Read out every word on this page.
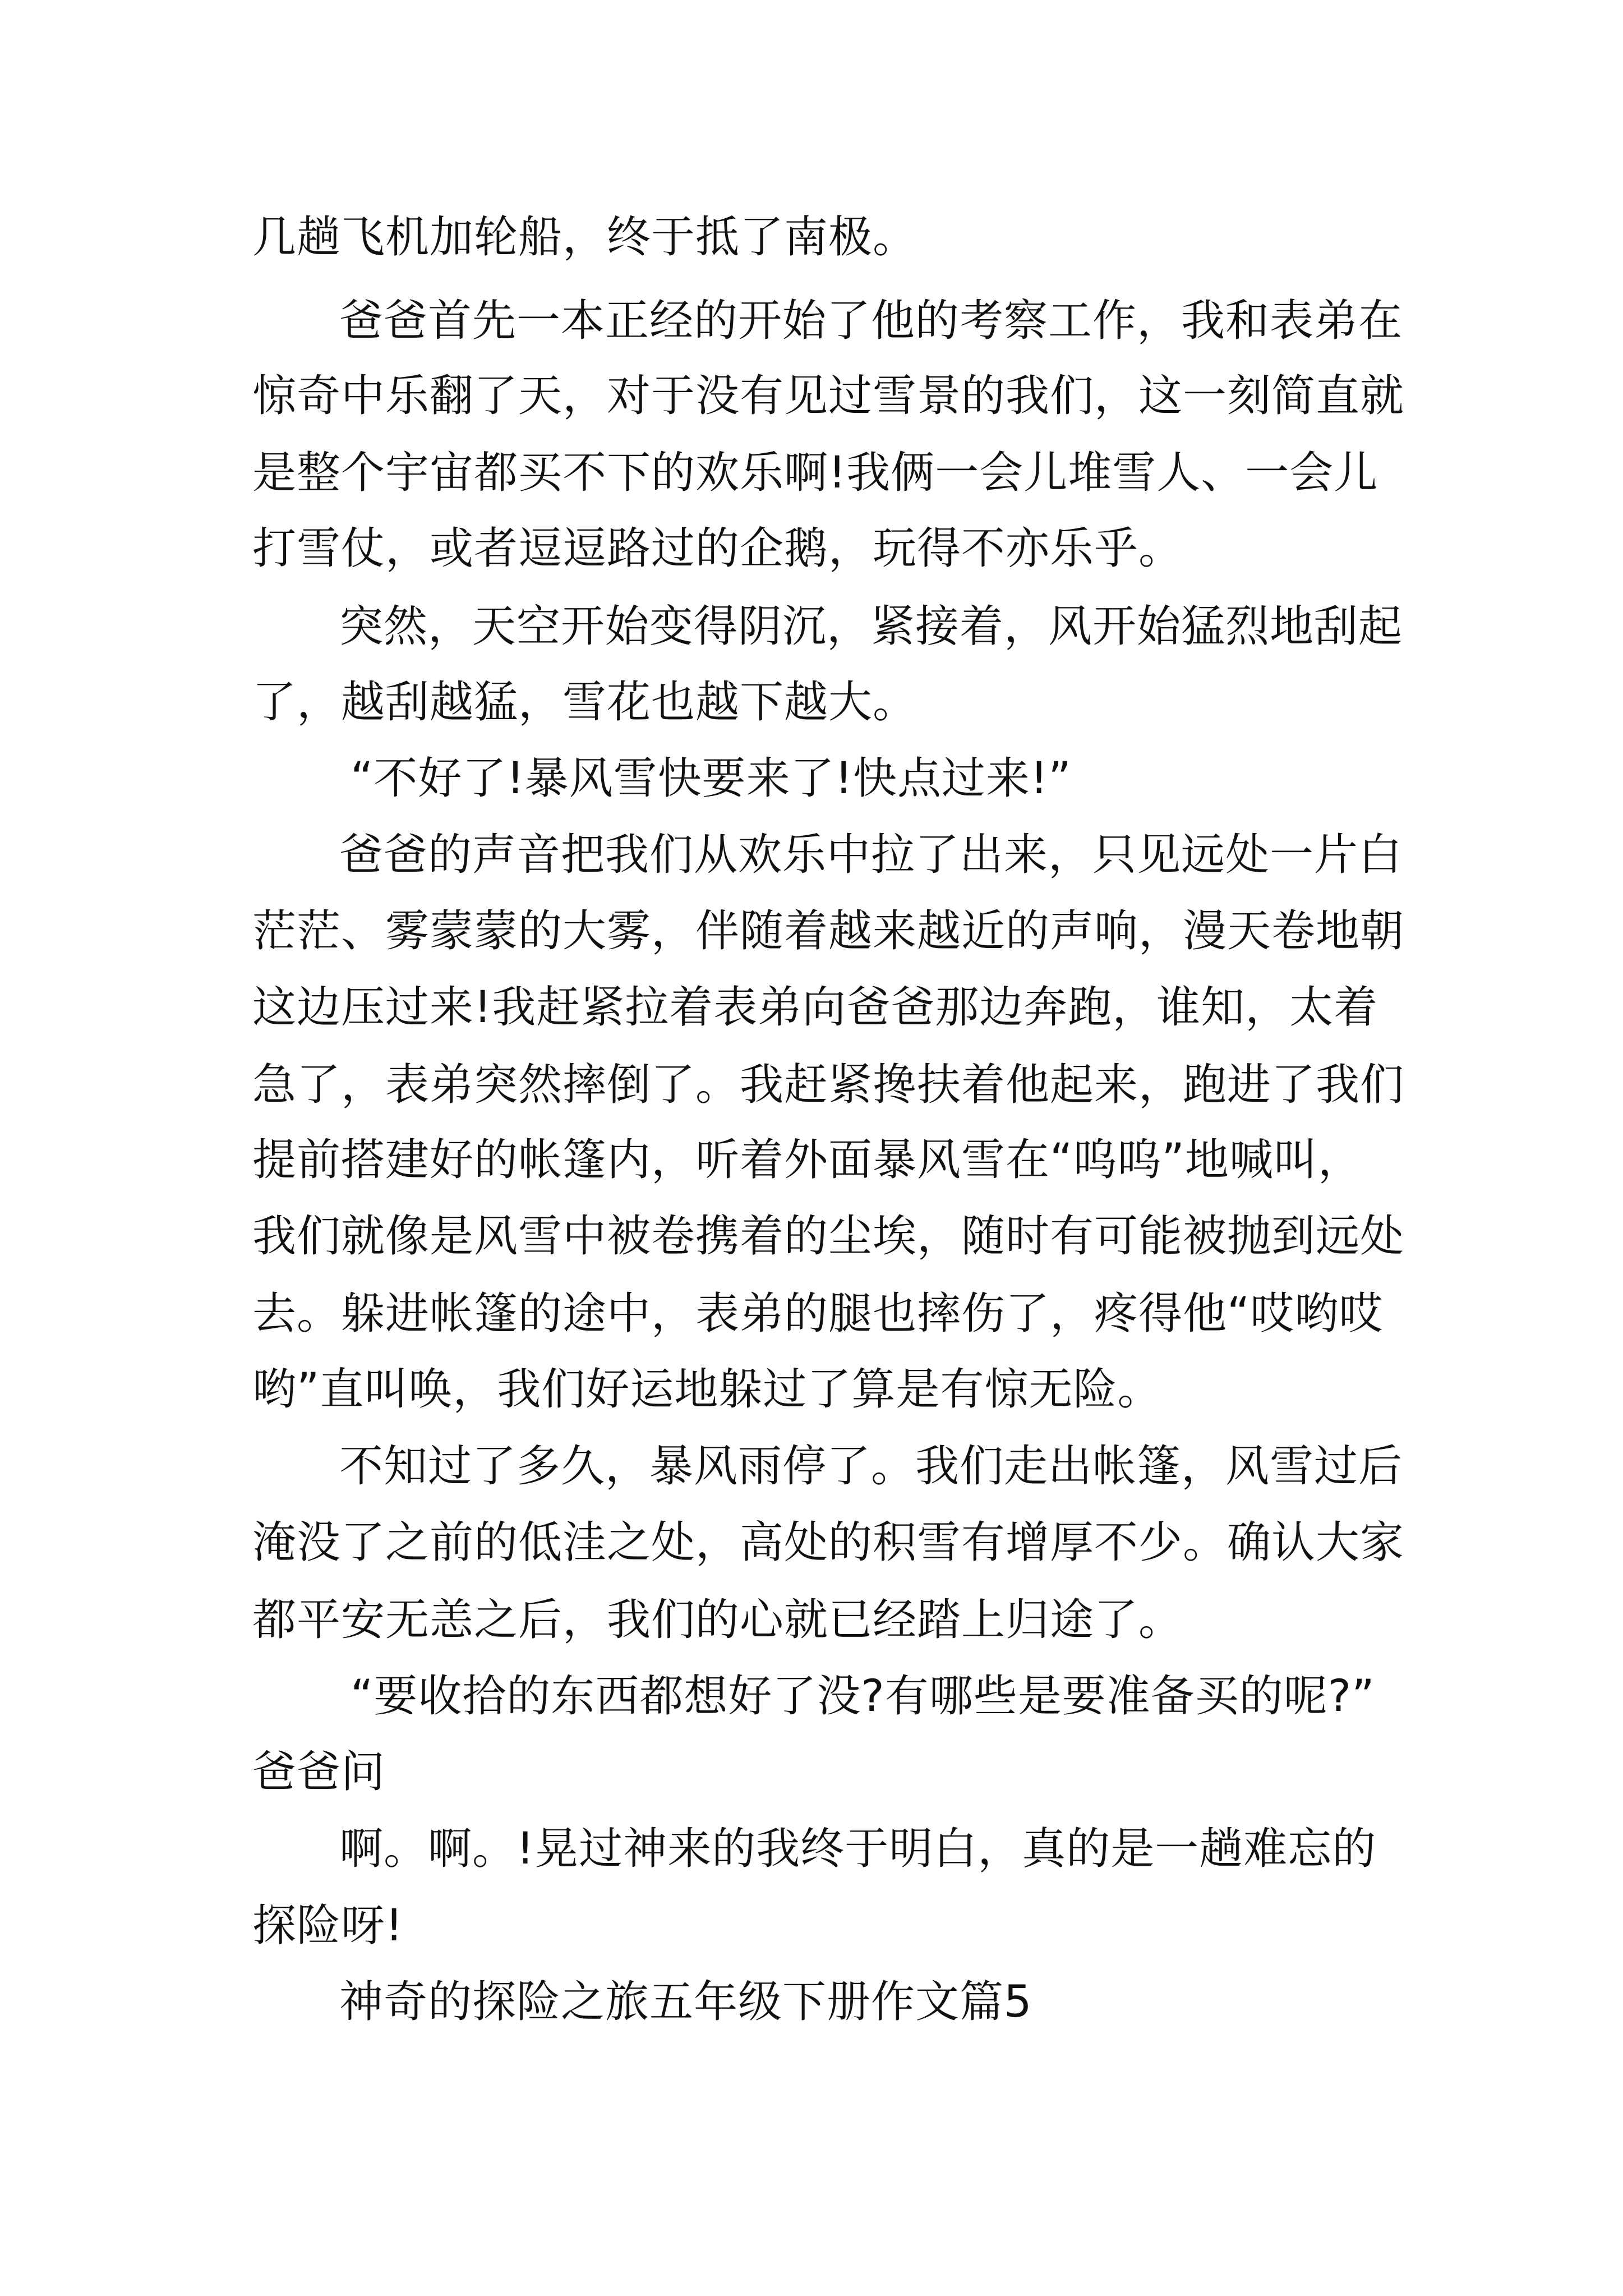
几趟飞机加轮船，终于抵了南极。
爸爸首先一本正经的开始了他的考察工作，我和表弟在
惊奇中乐翻了天，对于没有见过雪景的我们，这一刻简直就
是整个宇宙都买不下的欢乐啊!我俩一会儿堆雪人、一会儿
打雪仗，或者逗逗路过的企鹅，玩得不亦乐乎。
突然，天空开始变得阴沉，紧接着，风开始猛烈地刮起
了，越刮越猛，雪花也越下越大。
“不好了!暴风雪快要来了!快点过来!”
爸爸的声音把我们从欢乐中拉了出来，只见远处一片白
茫茫、雾蒙蒙的大雾，伴随着越来越近的声响，漫天卷地朝
这边压过来!我赶紧拉着表弟向爸爸那边奔跑，谁知，太着
急了，表弟突然摔倒了。我赶紧搀扶着他起来，跑进了我们
提前搭建好的帐篷内，听着外面暴风雪在“呜呜”地喊叫，
我们就像是风雪中被卷携着的尘埃，随时有可能被抛到远处
去。躲进帐篷的途中，表弟的腿也摔伤了，疼得他“哎哟哎
哟”直叫唤，我们好运地躲过了算是有惊无险。
不知过了多久，暴风雨停了。我们走出帐篷，风雪过后
淹没了之前的低洼之处，高处的积雪有增厚不少。确认大家
都平安无恙之后，我们的心就已经踏上归途了。
“要收拾的东西都想好了没?有哪些是要准备买的呢?”
爸爸问
啊。啊。!晃过神来的我终于明白，真的是一趟难忘的
探险呀!
神奇的探险之旅五年级下册作文篇5
